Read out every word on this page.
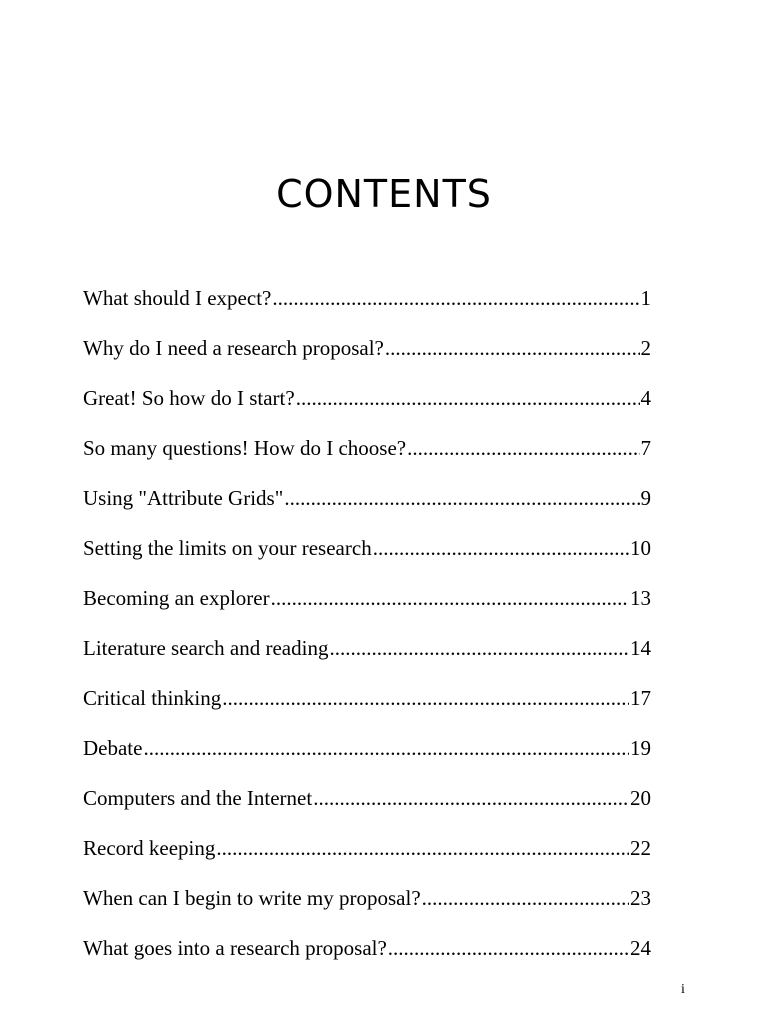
CONTENTS
What should I expect? .....	1
Why do I need a research proposal? .....	2
Great! So how do I start? .....	4
So many questions! How do I choose? .....	7
Using "Attribute Grids" .....	9
Setting the limits on your research .....	10
Becoming an explorer .....	13
Literature search and reading .....	14
Critical thinking .....	17
Debate .....	19
Computers and the Internet .....	20
Record keeping .....	22
When can I begin to write my proposal? .....	23
What goes into a research proposal? .....	24
i
